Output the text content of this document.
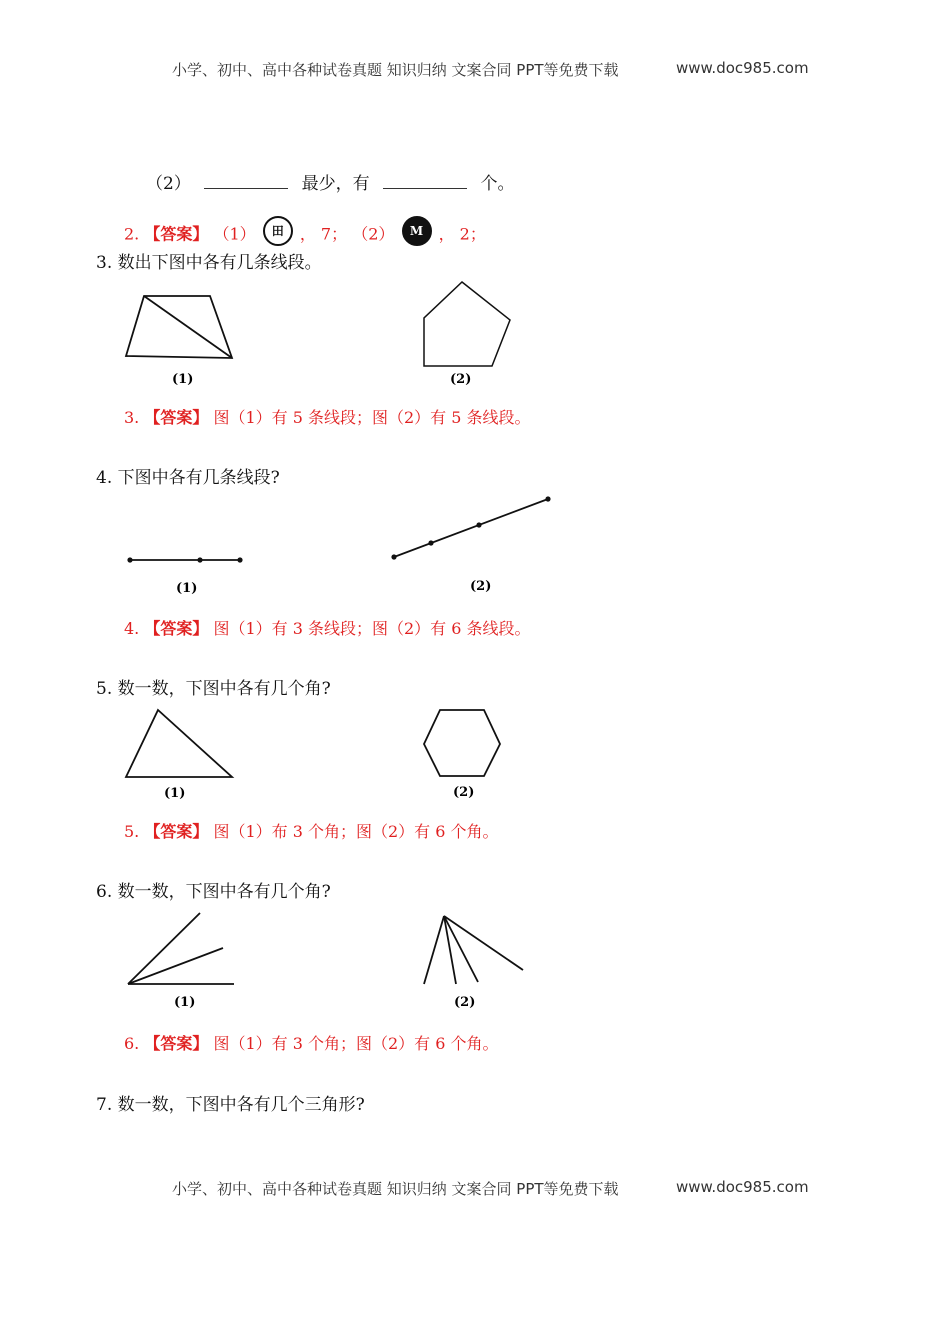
小学、初中、高中各种试卷真题 知识归纳 文案合同 PPT等免费下载	www.doc985.com
（2）	最少，有	个。
2. 【答案】 （1） 田 ， 7； （2） M ， 2；
3. 数出下图中各有几条线段。
(1)	(2)
3. 【答案】 图（1）有 5 条线段；图（2）有 5 条线段。
4. 下图中各有几条线段?
(1)	(2)
4. 【答案】 图（1）有 3 条线段；图（2）有 6 条线段。
5. 数一数，下图中各有几个角?
(1)	(2)
5. 【答案】 图（1）布 3 个角；图（2）有 6 个角。
6. 数一数，下图中各有几个角?
(1)	(2)
6. 【答案】 图（1）有 3 个角；图（2）有 6 个角。
7. 数一数，下图中各有几个三角形?
小学、初中、高中各种试卷真题 知识归纳 文案合同 PPT等免费下载	www.doc985.com
